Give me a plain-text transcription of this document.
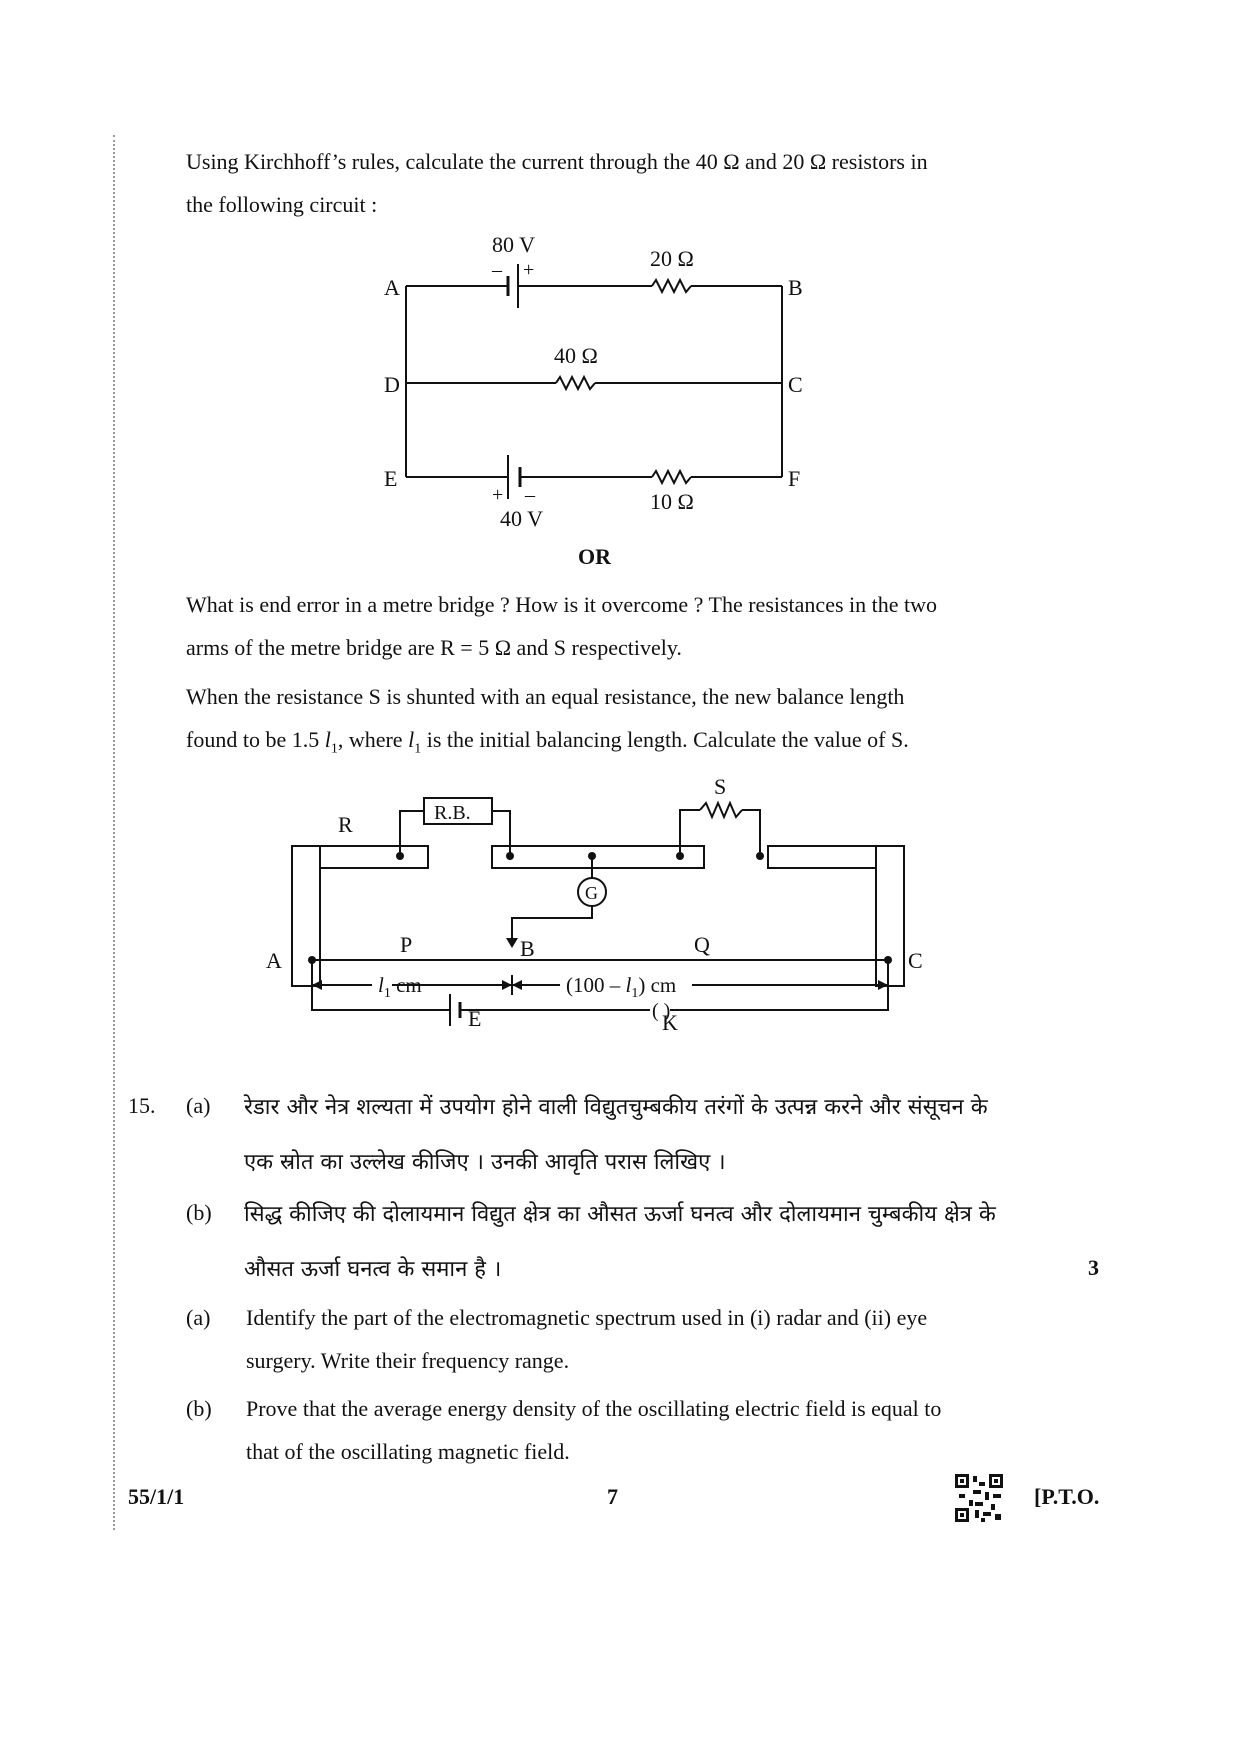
Using Kirchhoff’s rules, calculate the current through the 40 Ω and 20 Ω resistors in
the following circuit :
A	B
D	C
E	F
80 V
– +	20 Ω
40 Ω
10 Ω
+ –
40 V
OR
What is end error in a metre bridge ? How is it overcome ? The resistances in the two
arms of the metre bridge are R = 5 Ω and S respectively.
When the resistance S is shunted with an equal resistance, the new balance length
found to be 1.5 $l_1$, where $l_1$ is the initial balancing length. Calculate the value of S.
R	R.B.
S
G
A	C
P	B	Q
E	K
( )
$l_1$ cm	$(100 - l_1)$ cm
15. (a) रेडार और नेत्र शल्यता में उपयोग होने वाली विद्युतचुम्बकीय तरंगों के उत्पन्न करने और संसूचन के
एक स्रोत का उल्लेख कीजिए । उनकी आवृति परास लिखिए ।
(b) सिद्ध कीजिए की दोलायमान विद्युत क्षेत्र का औसत ऊर्जा घनत्व और दोलायमान चुम्बकीय क्षेत्र के
औसत ऊर्जा घनत्व के समान है ।	3
(a) Identify the part of the electromagnetic spectrum used in (i) radar and (ii) eye
surgery. Write their frequency range.
(b) Prove that the average energy density of the oscillating electric field is equal to
that of the oscillating magnetic field.
55/1/1	7	[P.T.O.
